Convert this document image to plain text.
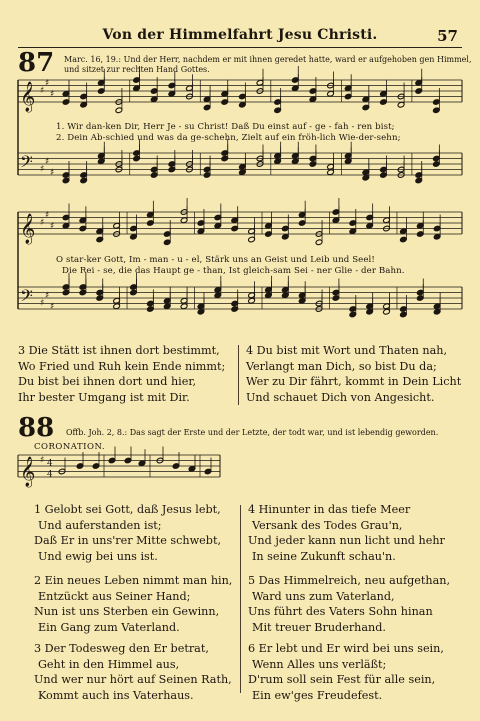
Von der Himmelfahrt Jesu Christi.	57
87 Marc. 16, 19.: Und der Herr, nachdem er mit ihnen geredet hatte, ward er aufgehoben gen Himmel,
und sitzet zur rechten Hand Gottes.
𝄞
𝄢
♯
♯
♯
♯
♯
♯
𝄞
𝄢
♯
♯
♯
♯
♯
♯
𝄞 ♯ 4
4
1. Wir dan-ken Dir, Herr Je - su Christ! Daß Du einst auf - ge - fah - ren bist;
2. Dein Ab-schied und was da ge-schehn, Zielt auf ein fröh-lich Wie-der-sehn;
O star-ker Gott, Im - man - u - el, Stärk uns an Geist und Leib und Seel!
Die Rei - se, die das Haupt ge - than, Ist gleich-sam Sei - ner Glie - der Bahn.
3 Die Stätt ist ihnen dort bestimmt,
Wo Fried und Ruh kein Ende nimmt;
Du bist bei ihnen dort und hier,
Ihr bester Umgang ist mit Dir.
4 Du bist mit Wort und Thaten nah,
Verlangt man Dich, so bist Du da;
Wer zu Dir fährt, kommt in Dein Licht
Und schauet Dich von Angesicht.
88 Offb. Joh. 2, 8.: Das sagt der Erste und der Letzte, der todt war, und ist lebendig geworden.
CORONATION.
1 Gelobt sei Gott, daß Jesus lebt,
Und auferstanden ist;
Daß Er in uns'rer Mitte schwebt,
Und ewig bei uns ist.
4 Hinunter in das tiefe Meer
Versank des Todes Grau'n,
Und jeder kann nun licht und hehr
In seine Zukunft schau'n.
2 Ein neues Leben nimmt man hin,
Entzückt aus Seiner Hand;
Nun ist uns Sterben ein Gewinn,
Ein Gang zum Vaterland.
5 Das Himmelreich, neu aufgethan,
Ward uns zum Vaterland,
Uns führt des Vaters Sohn hinan
Mit treuer Bruderhand.
3 Der Todesweg den Er betrat,
Geht in den Himmel aus,
Und wer nur hört auf Seinen Rath,
Kommt auch ins Vaterhaus.
6 Er lebt und Er wird bei uns sein,
Wenn Alles uns verläßt;
D'rum soll sein Fest für alle sein,
Ein ew'ges Freudefest.
